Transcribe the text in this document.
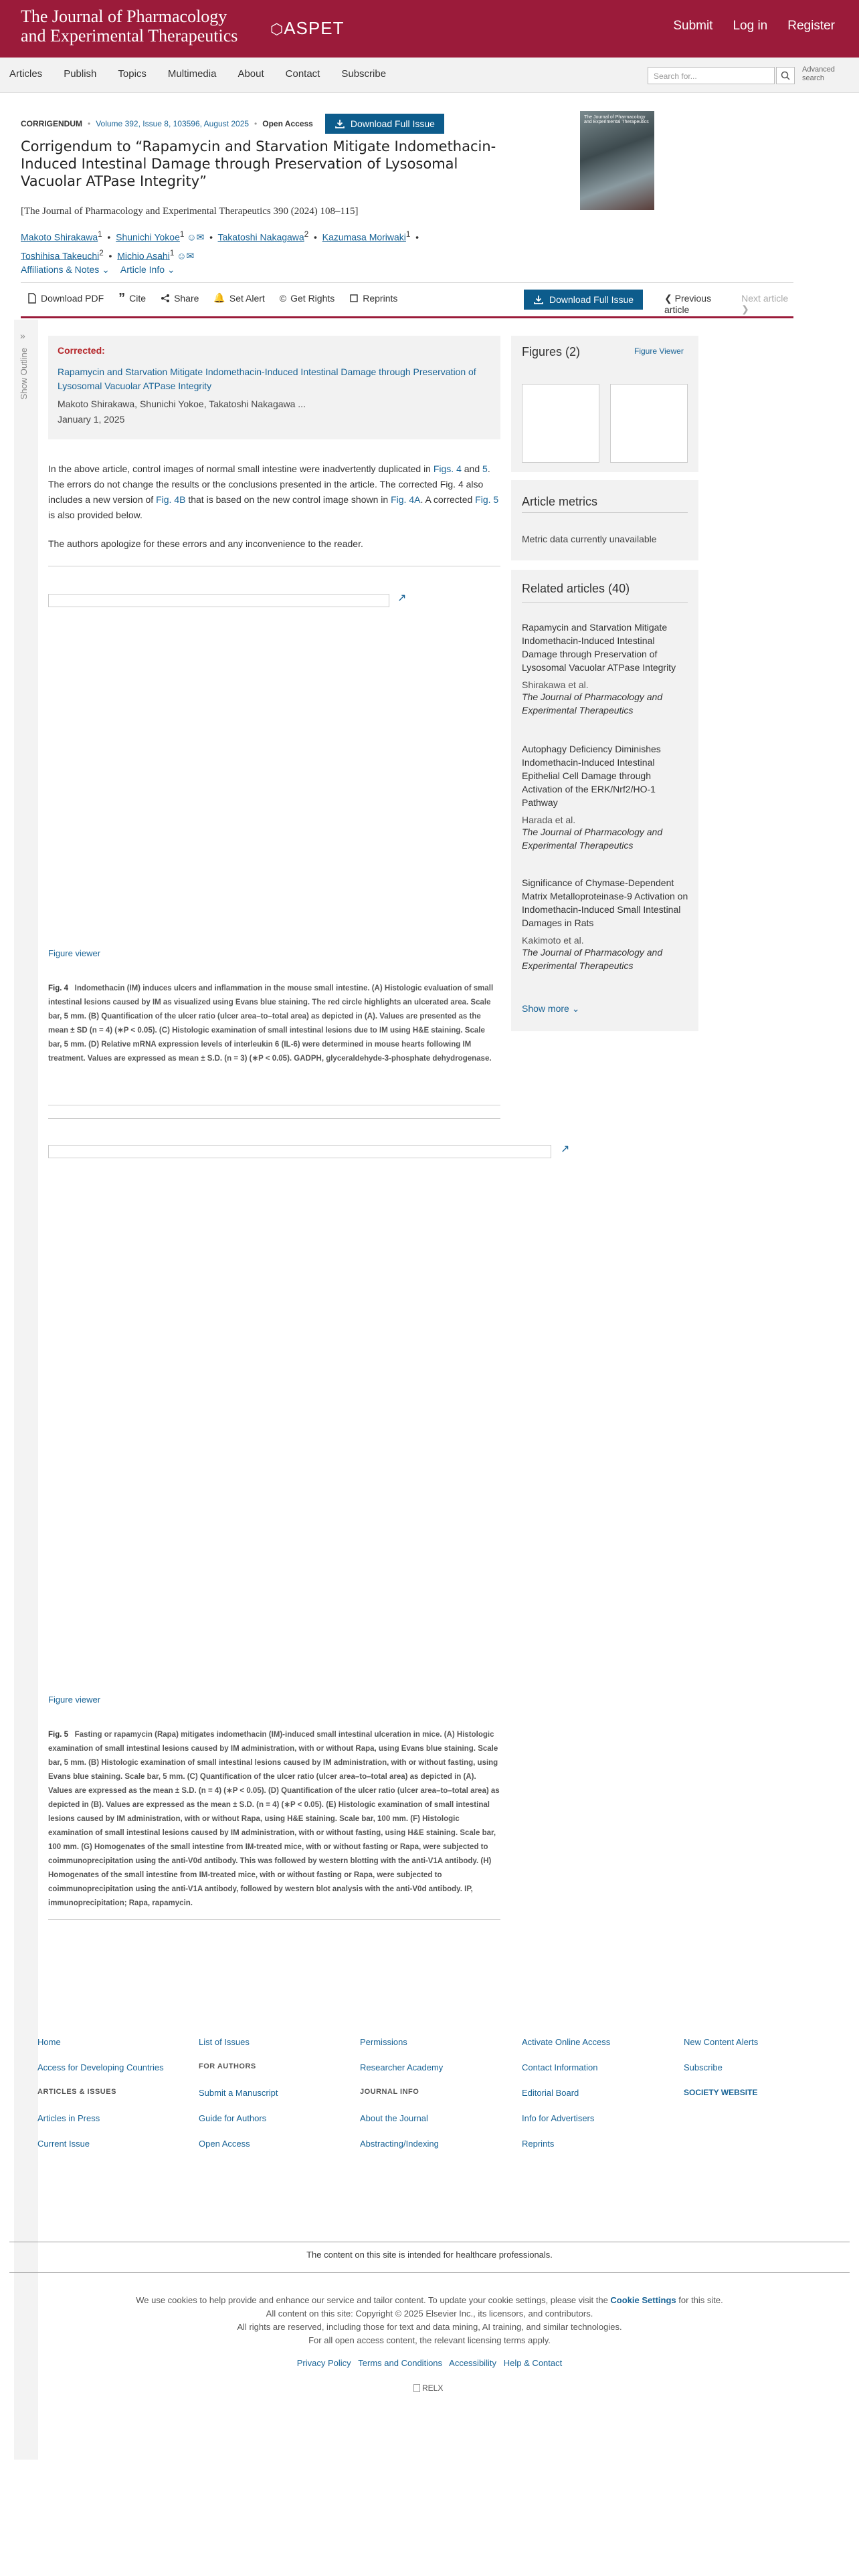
The Journal of Pharmacology
and Experimental Therapeutics ⬡ASPET	Submit Log in Register
Articles Publish Topics Multimedia About Contact Subscribe	Search for...
Advanced search
CORRIGENDUM • Volume 392, Issue 8, 103596, August 2025 • Open Access	Download Full Issue
The Journal of Pharmacology and Experimental Therapeutics
Corrigendum to “Rapamycin and Starvation Mitigate Indomethacin-Induced Intestinal Damage through Preservation of Lysosomal Vacuolar ATPase Integrity”
[The Journal of Pharmacology and Experimental Therapeutics 390 (2024) 108–115]
Makoto Shirakawa$^1$  •  Shunichi Yokoe$^1$ ☺✉  •  Takatoshi Nakagawa$^2$  •  Kazumasa Moriwaki$^1$  •
Toshihisa Takeuchi$^2$  •  Michio Asahi$^1$ ☺✉
Affiliations & Notes ⌄ Article Info ⌄
Download PDF ” Cite	Share 🔔 Set Alert © Get Rights	Reprints	Download Full Issue	❮ Previous article
Next article ❯
»
Show Outline	Corrected:
Rapamycin and Starvation Mitigate Indomethacin-Induced Intestinal Damage through Preservation of Lysosomal Vacuolar ATPase Integrity
Makoto Shirakawa, Shunichi Yokoe, Takatoshi Nakagawa ...
January 1, 2025
In the above article, control images of normal small intestine were inadvertently duplicated in Figs. 4 and 5. The errors do not change the results or the conclusions presented in the article. The corrected Fig. 4 also includes a new version of Fig. 4B that is based on the new control image shown in Fig. 4A. A corrected Fig. 5 is also provided below.
The authors apologize for these errors and any inconvenience to the reader.
↗
Figure viewer
Fig. 4 Indomethacin (IM) induces ulcers and inflammation in the mouse small intestine. (A) Histologic evaluation of small intestinal lesions caused by IM as visualized using Evans blue staining. The red circle highlights an ulcerated area. Scale bar, 5 mm. (B) Quantification of the ulcer ratio (ulcer area–to–total area) as depicted in (A). Values are presented as the mean ± SD (n = 4) (∗P < 0.05). (C) Histologic examination of small intestinal lesions due to IM using H&E staining. Scale bar, 5 mm. (D) Relative mRNA expression levels of interleukin 6 (IL-6) were determined in mouse hearts following IM treatment. Values are expressed as mean ± S.D. (n = 3) (∗P < 0.05). GADPH, glyceraldehyde-3-phosphate dehydrogenase.
↗
Figure viewer
Fig. 5 Fasting or rapamycin (Rapa) mitigates indomethacin (IM)-induced small intestinal ulceration in mice. (A) Histologic examination of small intestinal lesions caused by IM administration, with or without Rapa, using Evans blue staining. Scale bar, 5 mm. (B) Histologic examination of small intestinal lesions caused by IM administration, with or without fasting, using Evans blue staining. Scale bar, 5 mm. (C) Quantification of the ulcer ratio (ulcer area–to–total area) as depicted in (A). Values are expressed as the mean ± S.D. (n = 4) (∗P < 0.05). (D) Quantification of the ulcer ratio (ulcer area–to–total area) as depicted in (B). Values are expressed as the mean ± S.D. (n = 4) (∗P < 0.05). (E) Histologic examination of small intestinal lesions caused by IM administration, with or without Rapa, using H&E staining. Scale bar, 100 mm. (F) Histologic examination of small intestinal lesions caused by IM administration, with or without fasting, using H&E staining. Scale bar, 100 mm. (G) Homogenates of the small intestine from IM-treated mice, with or without fasting or Rapa, were subjected to coimmunoprecipitation using the anti-V0d antibody. This was followed by western blotting with the anti-V1A antibody. (H) Homogenates of the small intestine from IM-treated mice, with or without fasting or Rapa, were subjected to coimmunoprecipitation using the anti-V1A antibody, followed by western blot analysis with the anti-V0d antibody. IP, immunoprecipitation; Rapa, rapamycin.
Figures (2)	Figure Viewer
Article metrics
Metric data currently unavailable
Related articles (40)
Rapamycin and Starvation Mitigate Indomethacin-Induced Intestinal Damage through Preservation of Lysosomal Vacuolar ATPase Integrity
Shirakawa et al.
The Journal of Pharmacology and Experimental Therapeutics
Autophagy Deficiency Diminishes Indomethacin-Induced Intestinal Epithelial Cell Damage through Activation of the ERK/Nrf2/HO-1 Pathway
Harada et al.
The Journal of Pharmacology and Experimental Therapeutics
Significance of Chymase-Dependent Matrix Metalloproteinase-9 Activation on Indomethacin-Induced Small Intestinal Damages in Rats
Kakimoto et al.
The Journal of Pharmacology and Experimental Therapeutics
Show more ⌄
Home
Access for Developing Countries
ARTICLES & ISSUES
Articles in Press
Current Issue
List of Issues
FOR AUTHORS
Submit a Manuscript
Guide for Authors
Open Access
Permissions
Researcher Academy
JOURNAL INFO
About the Journal
Abstracting/Indexing
Activate Online Access
Contact Information
Editorial Board
Info for Advertisers
Reprints
New Content Alerts
Subscribe
SOCIETY WEBSITE
The content on this site is intended for healthcare professionals.
We use cookies to help provide and enhance our service and tailor content. To update your cookie settings, please visit the Cookie Settings for this site.
All content on this site: Copyright © 2025 Elsevier Inc., its licensors, and contributors.
All rights are reserved, including those for text and data mining, AI training, and similar technologies.
For all open access content, the relevant licensing terms apply.
Privacy Policy Terms and Conditions Accessibility Help & Contact
RELX
